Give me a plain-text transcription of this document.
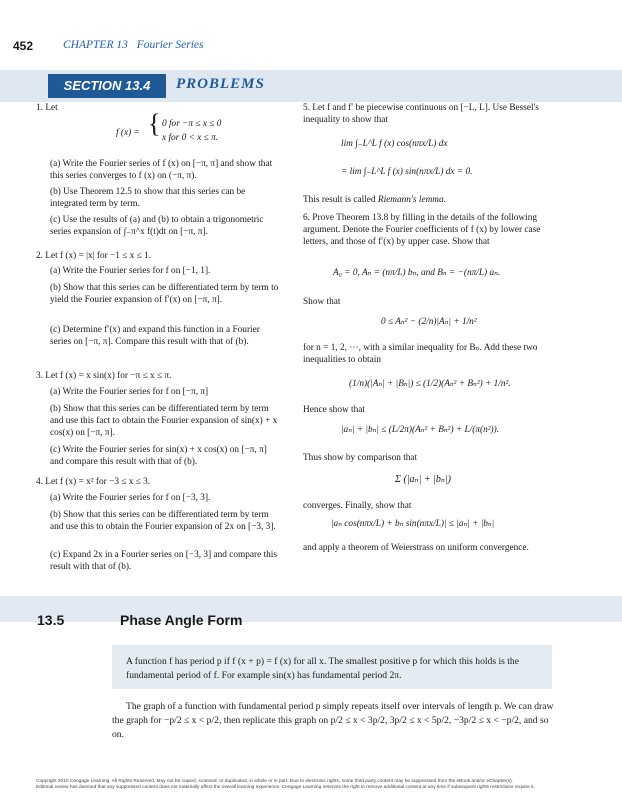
452	CHAPTER 13 Fourier Series
SECTION 13.4	PROBLEMS
1. Let
f (x) = { 0 for −π ≤ x ≤ 0
x for 0 < x ≤ π.

(a) Write the Fourier series of f (x) on [−π, π] and show that this series converges to f (x) on (−π, π).

(b) Use Theorem 12.5 to show that this series can be integrated term by term.

(c) Use the results of (a) and (b) to obtain a trigonometric series expansion of ∫₋π^x f(t)dt on [−π, π].

2. Let f (x) = |x| for −1 ≤ x ≤ 1.

(a) Write the Fourier series for f on [−1, 1].

(b) Show that this series can be differentiated term by term to yield the Fourier expansion of f′(x) on [−π, π].

(c) Determine f′(x) and expand this function in a Fourier series on [−π, π]. Compare this result with that of (b).

3. Let f (x) = x sin(x) for −π ≤ x ≤ π.

(a) Write the Fourier series for f on [−π, π]

(b) Show that this series can be differentiated term by term and use this fact to obtain the Fourier expansion of sin(x) + x cos(x) on [−π, π].

(c) Write the Fourier series for sin(x) + x cos(x) on [−π, π] and compare this result with that of (b).

4. Let f (x) = x² for −3 ≤ x ≤ 3.

(a) Write the Fourier series for f on [−3, 3].

(b) Show that this series can be differentiated term by term and use this to obtain the Fourier expansion of 2x on [−3, 3].

(c) Expand 2x in a Fourier series on [−3, 3] and compare this result with that of (b).

5. Let f and f′ be piecewise continuous on [−L, L]. Use Bessel's inequality to show that

lim ∫₋L^L f (x) cos(nπx/L) dx
= lim ∫₋L^L f (x) sin(nπx/L) dx = 0.

This result is called Riemann's lemma.

6. Prove Theorem 13.8 by filling in the details of the following argument. Denote the Fourier coefficients of f (x) by lower case letters, and those of f′(x) by upper case. Show that

A₀ = 0, Aₙ = (nπ/L) bₙ, and Bₙ = −(nπ/L) aₙ.

Show that

0 ≤ Aₙ² − (2/n)|Aₙ| + 1/n²

for n = 1, 2, ⋯, with a similar inequality for Bₙ. Add these two inequalities to obtain

(1/n)(|Aₙ| + |Bₙ|) ≤ (1/2)(Aₙ² + Bₙ²) + 1/n².

Hence show that

|aₙ| + |bₙ| ≤ (L/2π)(Aₙ² + Bₙ²) + L/(π(n²)).

Thus show by comparison that

Σ (|aₙ| + |bₙ|)

converges. Finally, show that

|aₙ cos(nπx/L) + bₙ sin(nπx/L)| ≤ |aₙ| + |bₙ|

and apply a theorem of Weierstrass on uniform convergence.

13.5	Phase Angle Form
A function f has period p if f (x + p) = f (x) for all x. The smallest positive p for which this holds is the fundamental period of f. For example sin(x) has fundamental period 2π.
The graph of a function with fundamental period p simply repeats itself over intervals of length p. We can draw the graph for −p/2 ≤ x < p/2, then replicate this graph on p/2 ≤ x < 3p/2, 3p/2 ≤ x < 5p/2, −3p/2 ≤ x < −p/2, and so on.
Copyright 2010 Cengage Learning. All Rights Reserved. May not be copied, scanned, or duplicated, in whole or in part. Due to electronic rights, some third party content may be suppressed from the eBook and/or eChapter(s).
Editorial review has deemed that any suppressed content does not materially affect the overall learning experience. Cengage Learning reserves the right to remove additional content at any time if subsequent rights restrictions require it.
